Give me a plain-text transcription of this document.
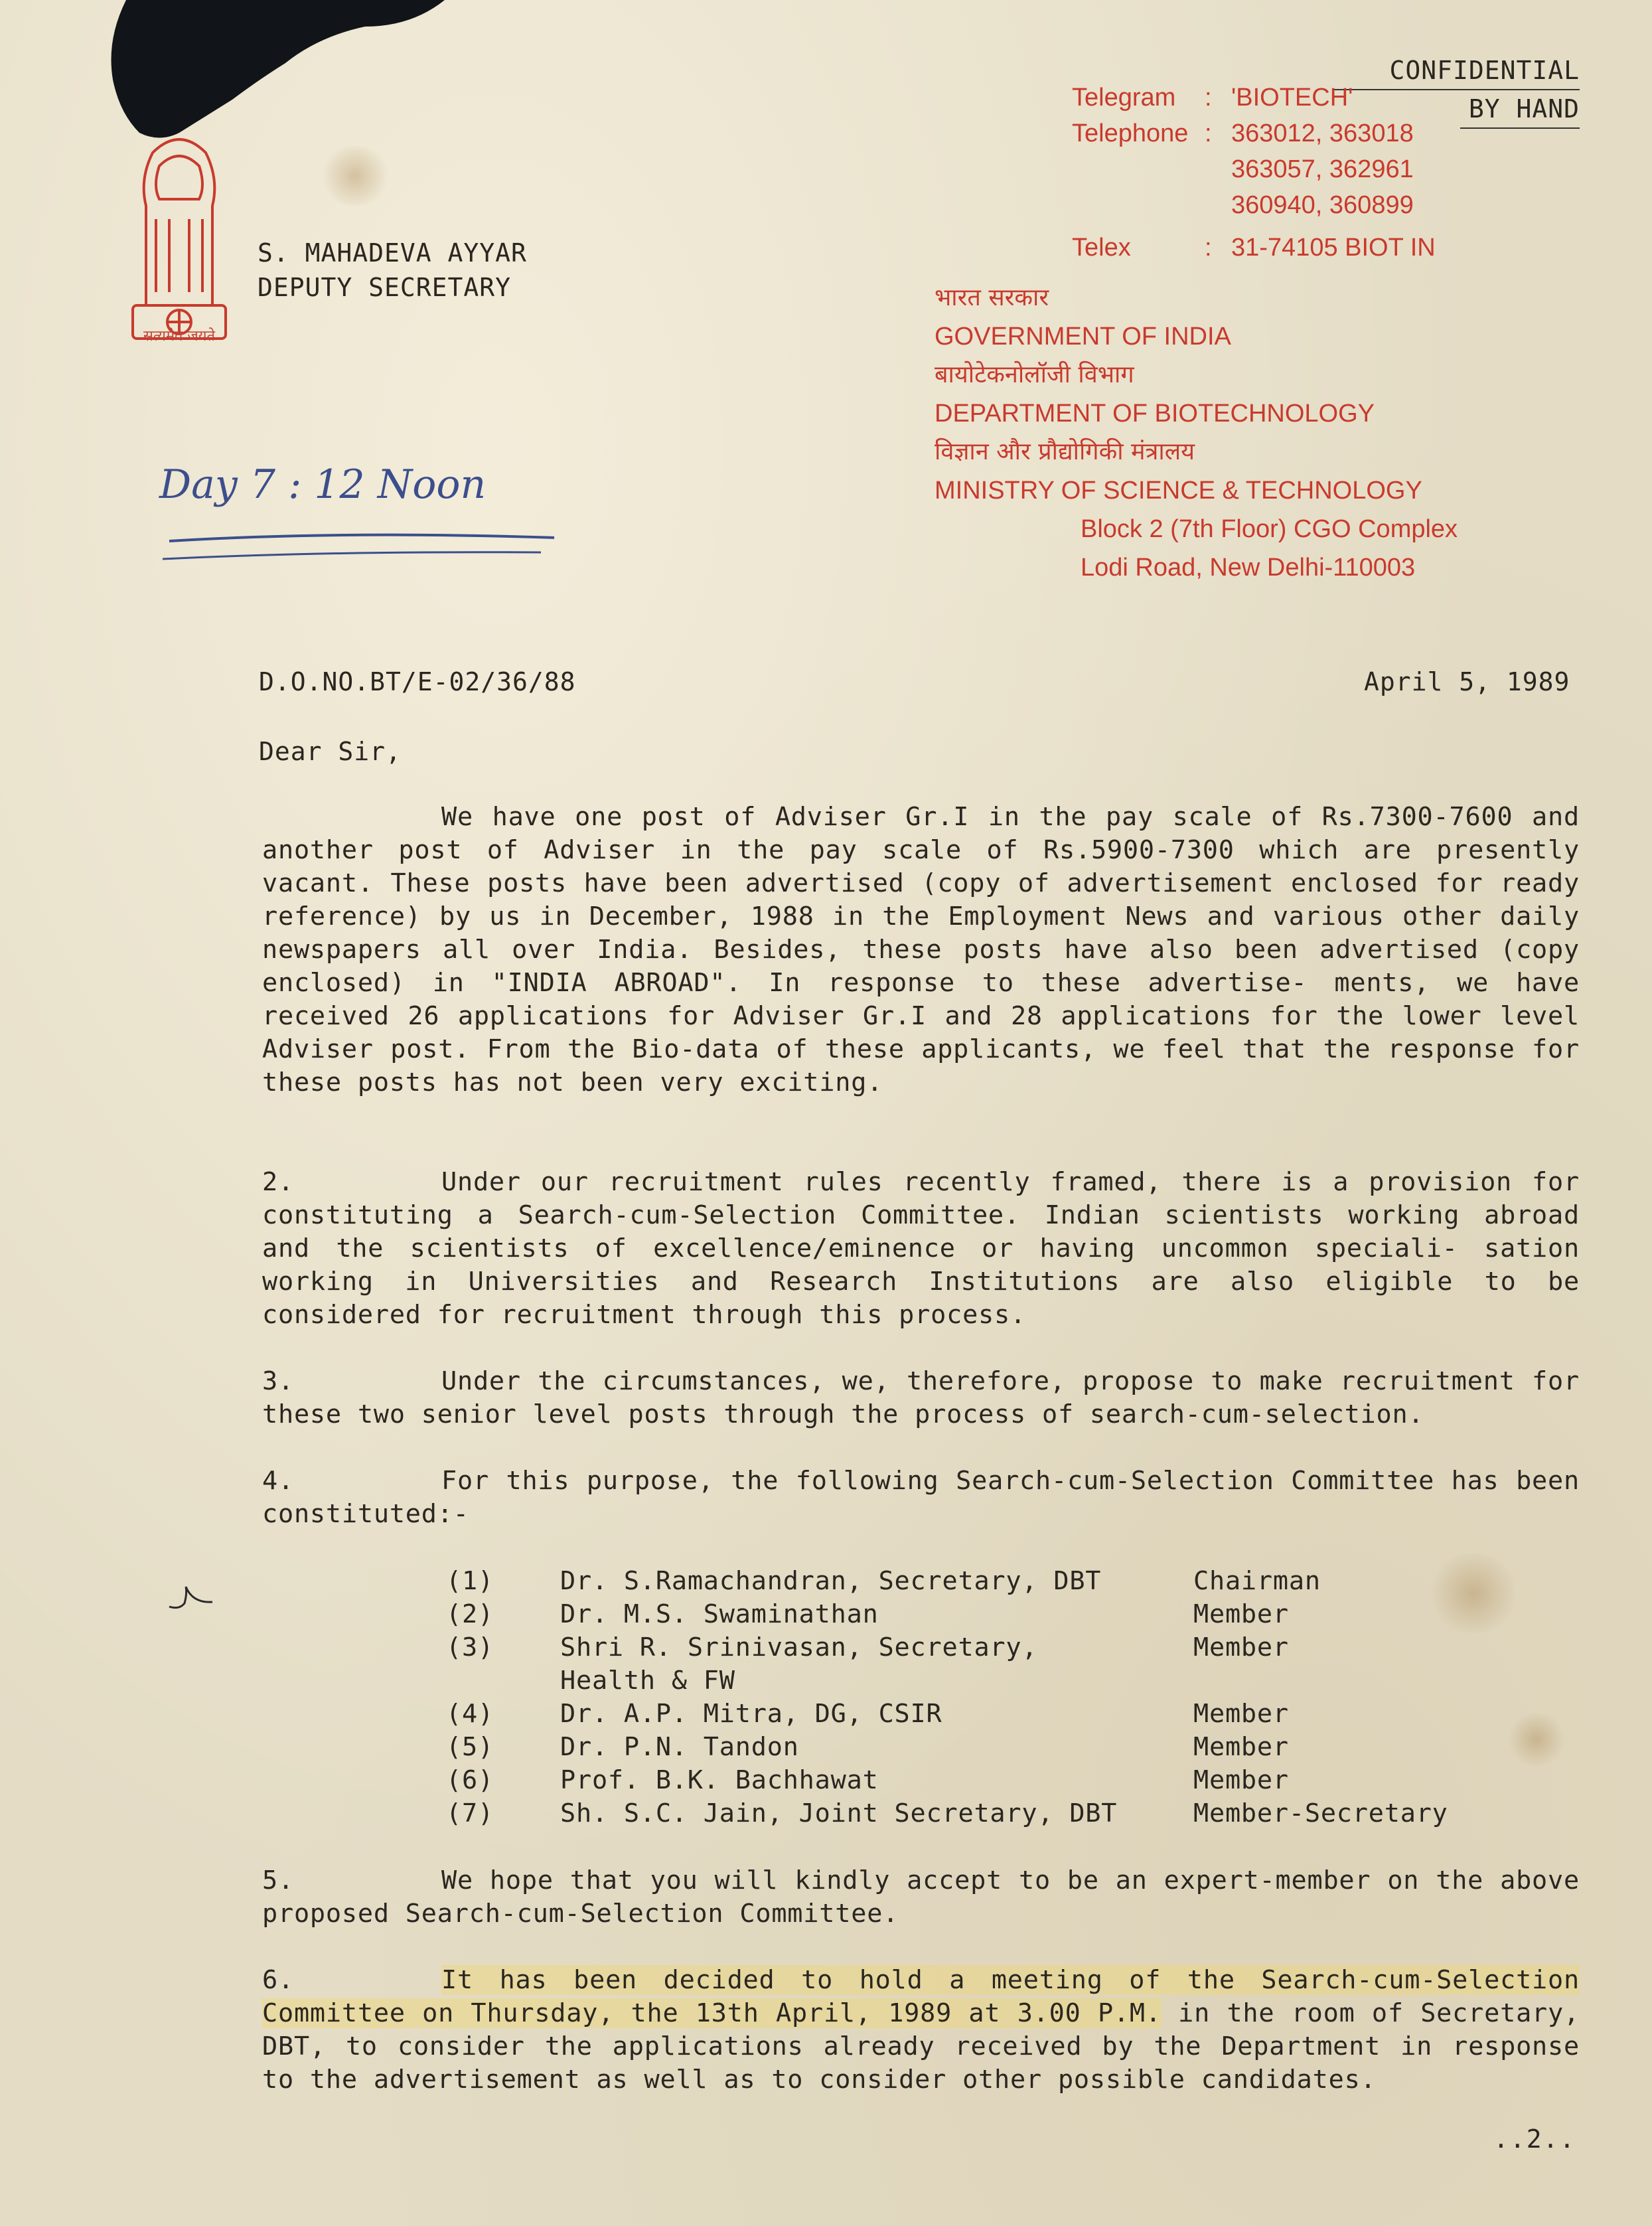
सत्यमेव जयते
S. MAHADEVA AYYAR
DEPUTY SECRETARY
CONFIDENTIAL
BY HAND
Telegram	: 'BIOTECH'
Telephone : 363012, 363018
363057, 362961
360940, 360899
Telex	: 31-74105 BIOT IN
भारत सरकार
GOVERNMENT OF INDIA
बायोटेकनोलॉजी विभाग
DEPARTMENT OF BIOTECHNOLOGY
विज्ञान और प्रौद्योगिकी मंत्रालय
MINISTRY OF SCIENCE & TECHNOLOGY
Block 2 (7th Floor) CGO Complex
Lodi Road, New Delhi-110003
Day 7 : 12 Noon
D.O.NO.BT/E-02/36/88	April 5, 1989
Dear Sir,
We have one post of Adviser Gr.I in the pay scale of Rs.7300-7600 and another post of Adviser in the pay scale of Rs.5900-7300 which are presently vacant. These posts have been advertised (copy of advertisement enclosed for ready reference) by us in December, 1988 in the Employment News and various other daily newspapers all over India. Besides, these posts have also been advertised (copy enclosed) in "INDIA ABROAD". In response to these advertise- ments, we have received 26 applications for Adviser Gr.I and 28 applications for the lower level Adviser post. From the Bio-data of these applicants, we feel that the response for these posts has not been very exciting.
2.	Under our recruitment rules recently framed, there is a provision for constituting a Search-cum-Selection Committee. Indian scientists working abroad and the scientists of excellence/eminence or having uncommon speciali- sation working in Universities and Research Institutions are also eligible to be considered for recruitment through this process.
3.	Under the circumstances, we, therefore, propose to make recruitment for these two senior level posts through the process of search-cum-selection.
4.	For this purpose, the following Search-cum-Selection Committee has been constituted:-
(1)	Dr. S.Ramachandran, Secretary, DBT	Chairman
(2)	Dr. M.S. Swaminathan	Member
(3)	Shri R. Srinivasan, Secretary,	Member
Health & FW
(4)	Dr. A.P. Mitra, DG, CSIR	Member
(5)	Dr. P.N. Tandon	Member
(6)	Prof. B.K. Bachhawat	Member
(7)	Sh. S.C. Jain, Joint Secretary, DBT	Member-Secretary
5.	We hope that you will kindly accept to be an expert-member on the above proposed Search-cum-Selection Committee.
6.	It has been decided to hold a meeting of the Search-cum-Selection Committee on Thursday, the 13th April, 1989 at 3.00 P.M. in the room of Secretary, DBT, to consider the applications already received by the Department in response to the advertisement as well as to consider other possible candidates.
..2..
